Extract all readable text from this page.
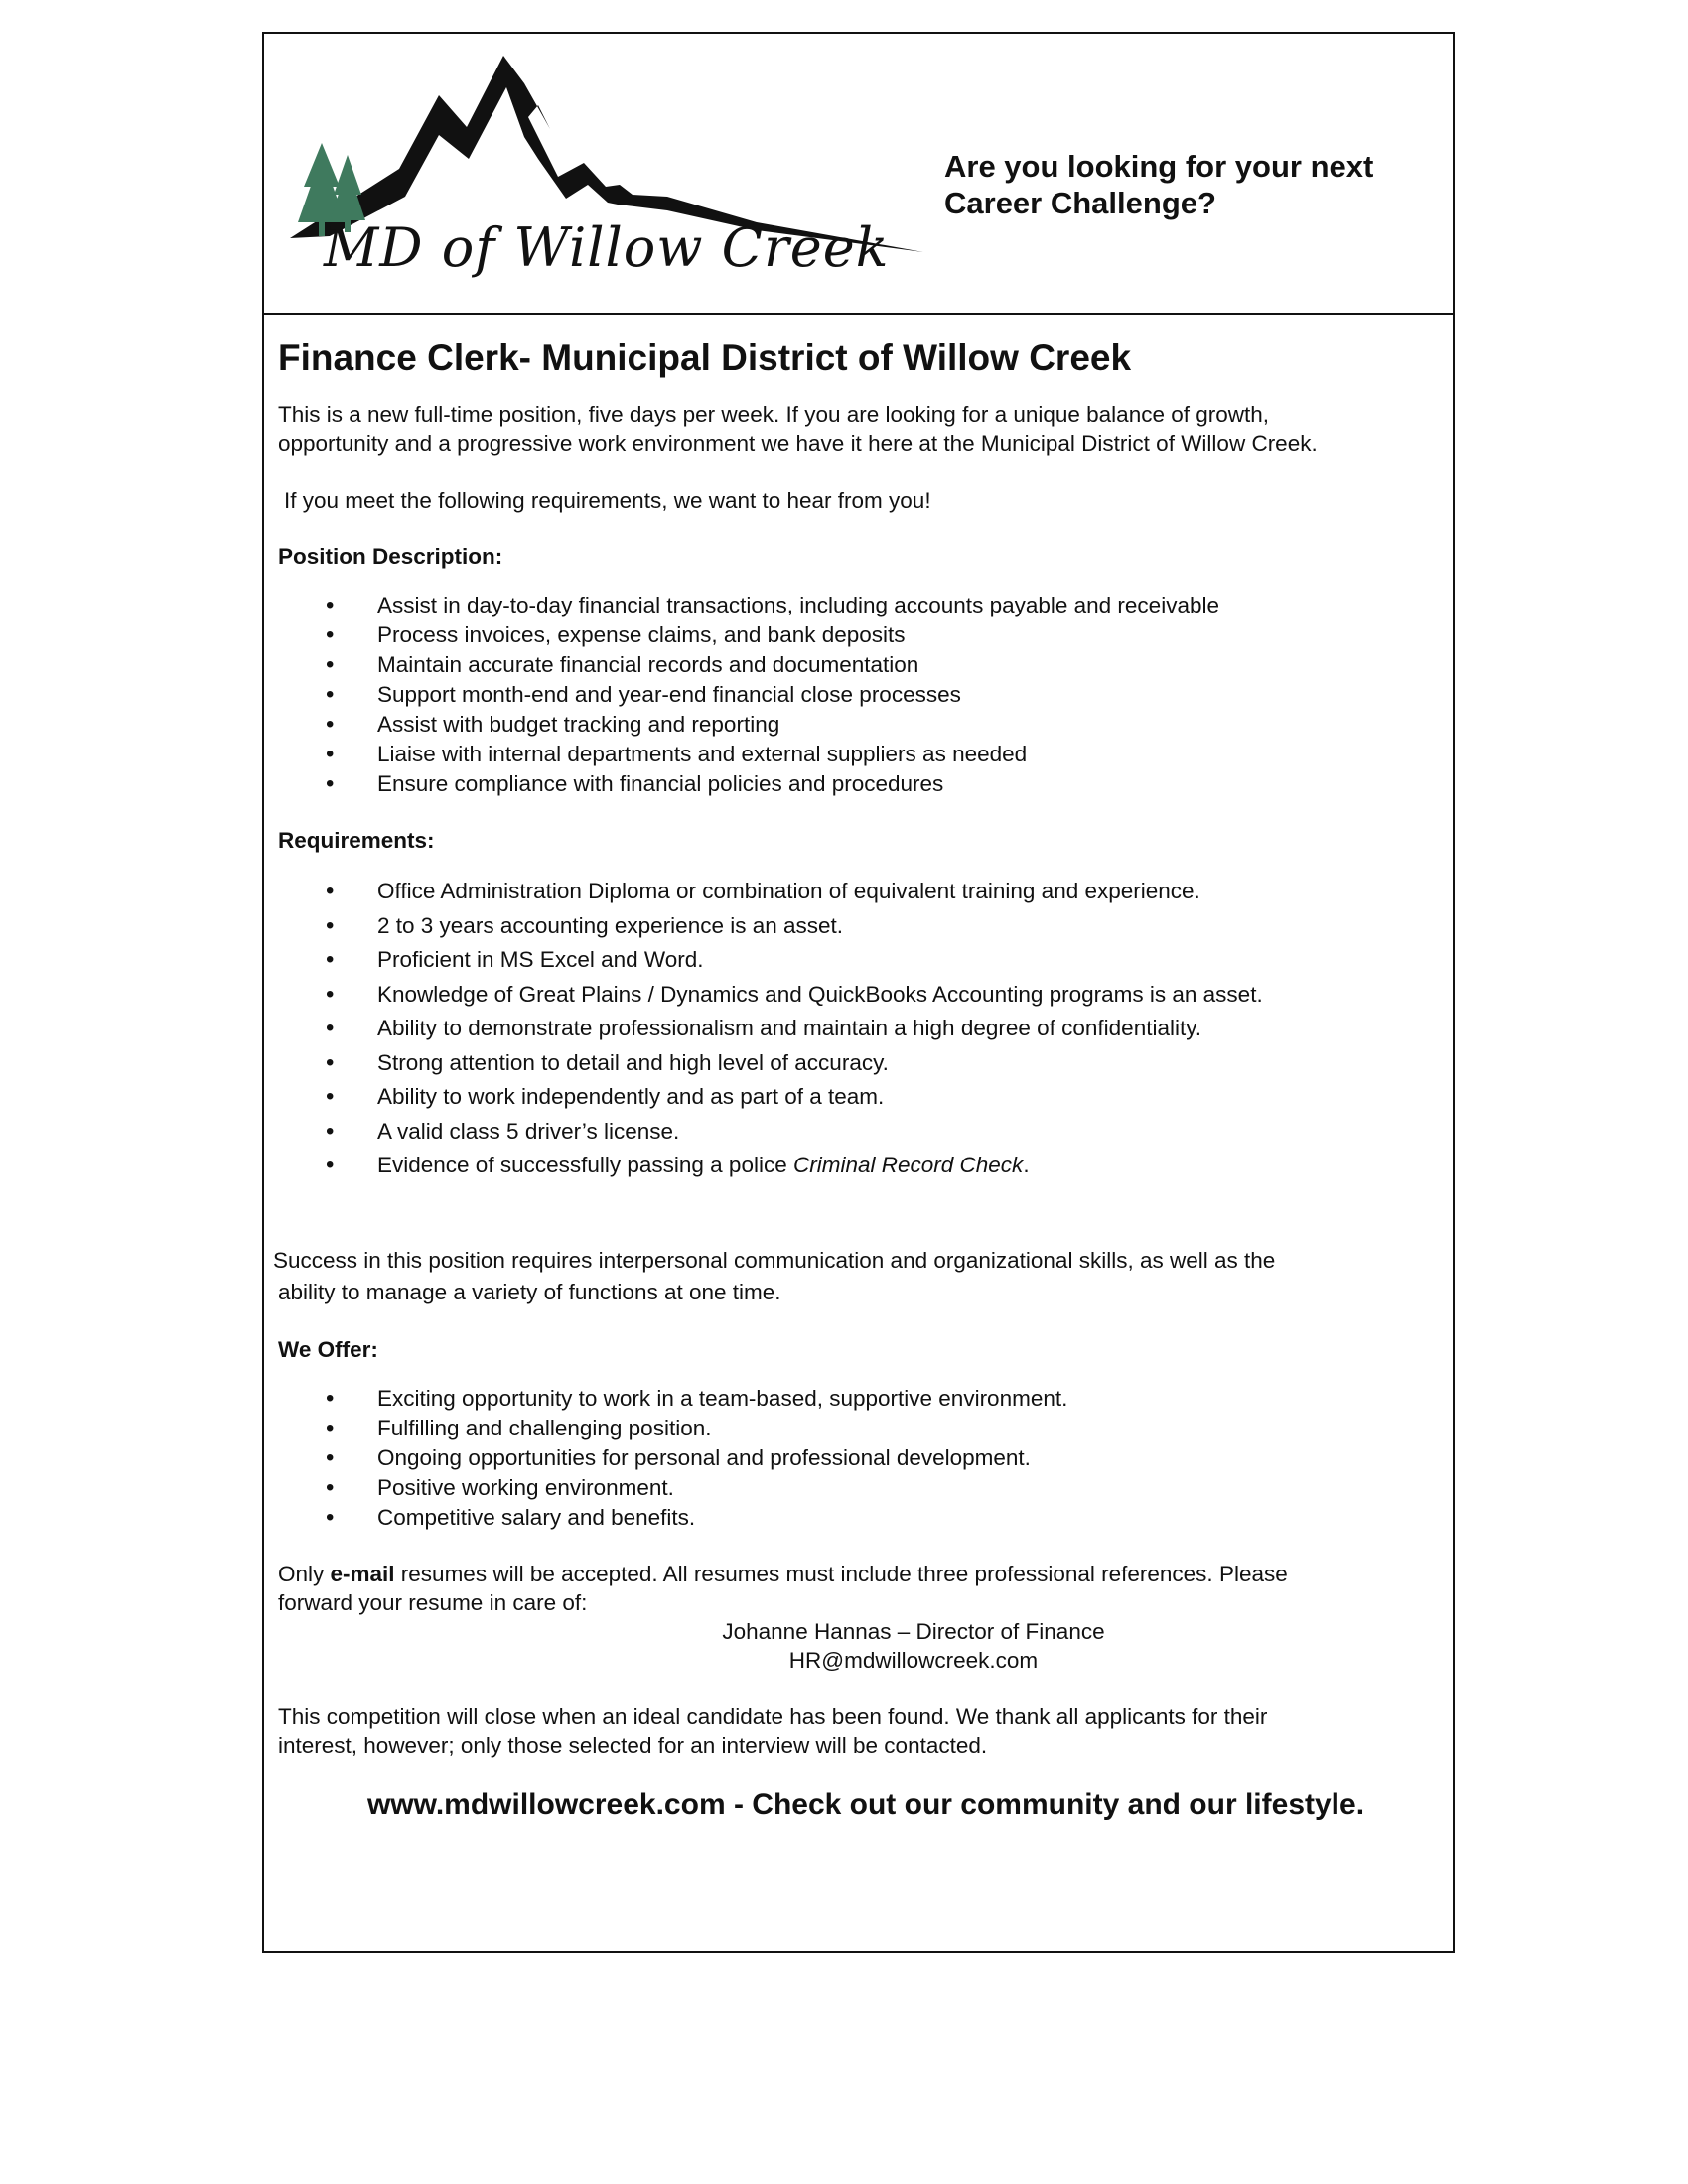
MD of Willow Creek
Are you looking for your next
Career Challenge?
Finance Clerk- Municipal District of Willow Creek

This is a new full-time position, five days per week. If you are looking for a unique balance of growth,
opportunity and a progressive work environment we have it here at the Municipal District of Willow Creek.

If you meet the following requirements, we want to hear from you!

Position Description:
• Assist in day-to-day financial transactions, including accounts payable and receivable
• Process invoices, expense claims, and bank deposits
• Maintain accurate financial records and documentation
• Support month-end and year-end financial close processes
• Assist with budget tracking and reporting
• Liaise with internal departments and external suppliers as needed
• Ensure compliance with financial policies and procedures
Requirements:
• Office Administration Diploma or combination of equivalent training and experience.
• 2 to 3 years accounting experience is an asset.
• Proficient in MS Excel and Word.
• Knowledge of Great Plains / Dynamics and QuickBooks Accounting programs is an asset.
• Ability to demonstrate professionalism and maintain a high degree of confidentiality.
• Strong attention to detail and high level of accuracy.
• Ability to work independently and as part of a team.
• A valid class 5 driver’s license.
• Evidence of successfully passing a police Criminal Record Check.

Success in this position requires interpersonal communication and organizational skills, as well as the
ability to manage a variety of functions at one time.

We Offer:
• Exciting opportunity to work in a team-based, supportive environment.
• Fulfilling and challenging position.
• Ongoing opportunities for personal and professional development.
• Positive working environment.
• Competitive salary and benefits.

Only e-mail resumes will be accepted. All resumes must include three professional references. Please
forward your resume in care of:

Johanne Hannas – Director of Finance
HR@mdwillowcreek.com

This competition will close when an ideal candidate has been found. We thank all applicants for their
interest, however; only those selected for an interview will be contacted.

www.mdwillowcreek.com - Check out our community and our lifestyle.
